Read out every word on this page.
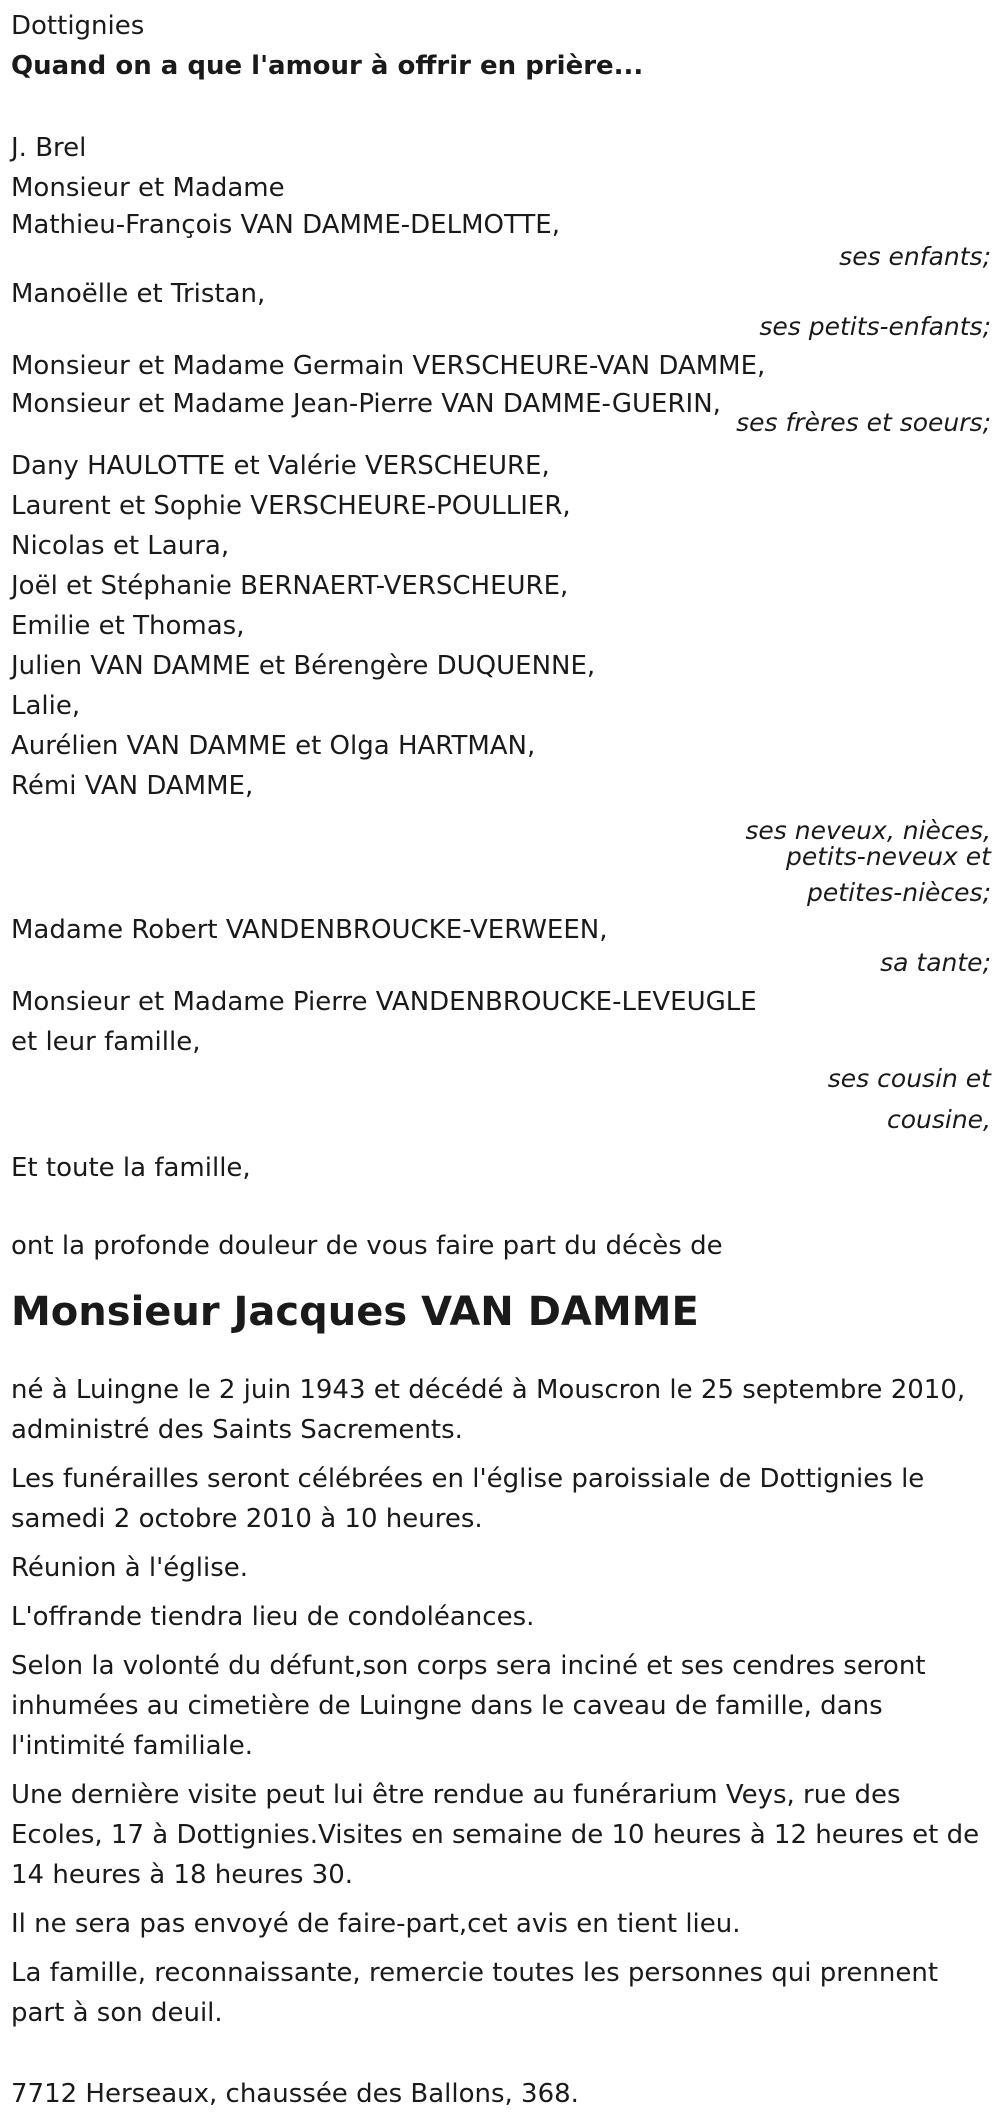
Dottignies
Quand on a que l'amour à offrir en prière...
J. Brel
Monsieur et Madame
Mathieu-François VAN DAMME-DELMOTTE,
ses enfants;
Manoëlle et Tristan,
ses petits-enfants;
Monsieur et Madame Germain VERSCHEURE-VAN DAMME,
Monsieur et Madame Jean-Pierre VAN DAMME-GUERIN,
ses frères et soeurs;
Dany HAULOTTE et Valérie VERSCHEURE,
Laurent et Sophie VERSCHEURE-POULLIER,
Nicolas et Laura,
Joël et Stéphanie BERNAERT-VERSCHEURE,
Emilie et Thomas,
Julien VAN DAMME et Bérengère DUQUENNE,
Lalie,
Aurélien VAN DAMME et Olga HARTMAN,
Rémi VAN DAMME,
ses neveux, nièces,
petits-neveux et
petites-nièces;
Madame Robert VANDENBROUCKE-VERWEEN,
sa tante;
Monsieur et Madame Pierre VANDENBROUCKE-LEVEUGLE
et leur famille,
ses cousin et
cousine,
Et toute la famille,
ont la profonde douleur de vous faire part du décès de
Monsieur Jacques VAN DAMME
né à Luingne le 2 juin 1943 et décédé à Mouscron le 25 septembre 2010,
administré des Saints Sacrements.
Les funérailles seront célébrées en l'église paroissiale de Dottignies le
samedi 2 octobre 2010 à 10 heures.
Réunion à l'église.
L'offrande tiendra lieu de condoléances.
Selon la volonté du défunt,son corps sera inciné et ses cendres seront
inhumées au cimetière de Luingne dans le caveau de famille, dans
l'intimité familiale.
Une dernière visite peut lui être rendue au funérarium Veys, rue des
Ecoles, 17 à Dottignies.Visites en semaine de 10 heures à 12 heures et de
14 heures à 18 heures 30.
Il ne sera pas envoyé de faire-part,cet avis en tient lieu.
La famille, reconnaissante, remercie toutes les personnes qui prennent
part à son deuil.
7712 Herseaux, chaussée des Ballons, 368.
